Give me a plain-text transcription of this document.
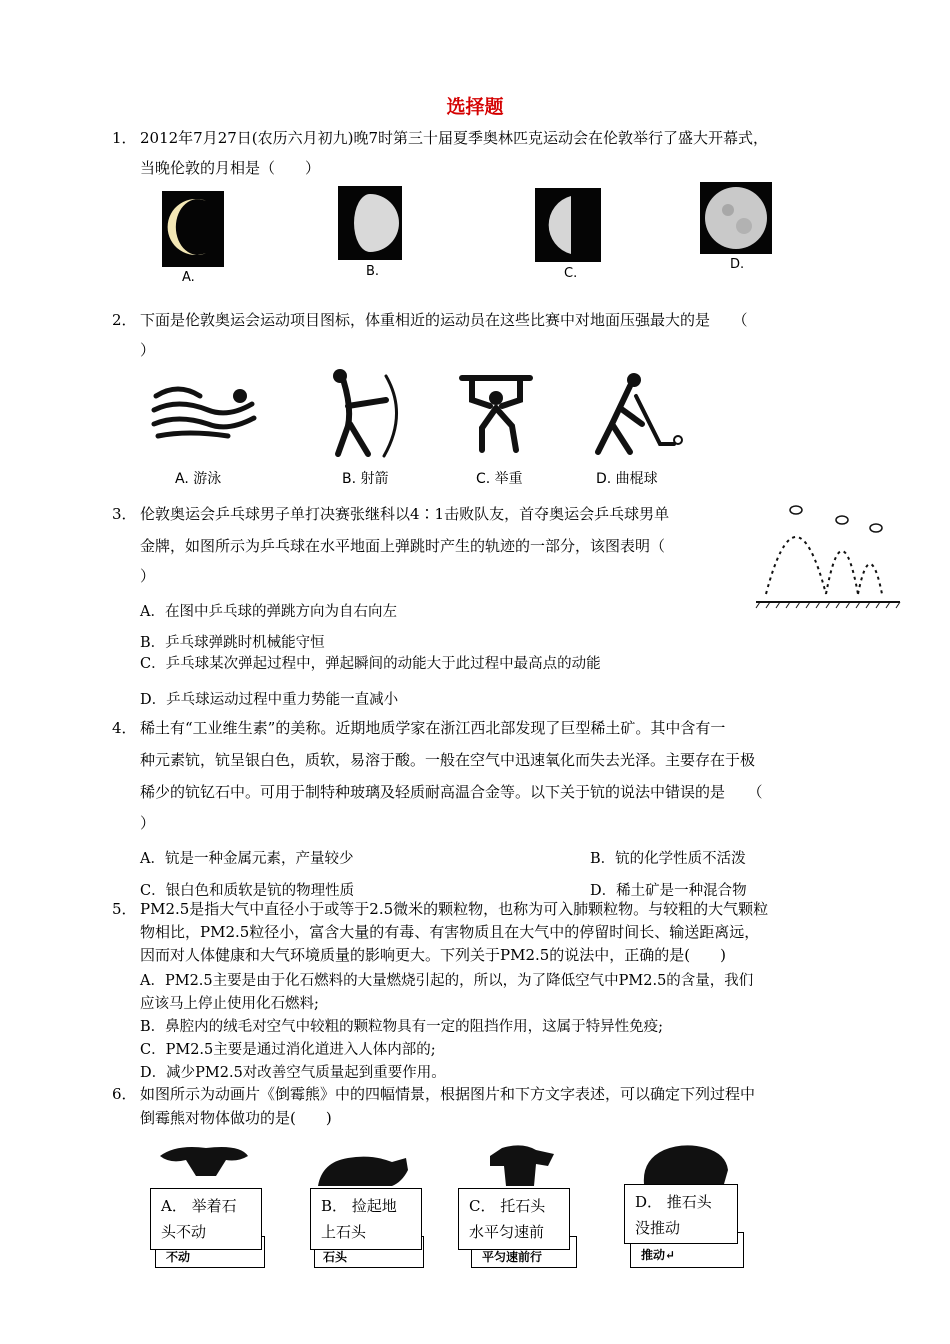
选择题
1． 2012年7月27日(农历六月初九)晚7时第三十届夏季奥林匹克运动会在伦敦举行了盛大开幕式，
当晚伦敦的月相是（　　）
A.	B.	C.
D.
2． 下面是伦敦奥运会运动项目图标，体重相近的运动员在这些比赛中对地面压强最大的是　　（
）
A. 游泳	B. 射箭	C. 举重	D. 曲棍球
3． 伦敦奥运会乒乓球男子单打决赛张继科以4∶1击败队友，首夺奥运会乒乓球男单
金牌，如图所示为乒乓球在水平地面上弹跳时产生的轨迹的一部分，该图表明（
）
A．在图中乒乓球的弹跳方向为自右向左
B．乒乓球弹跳时机械能守恒
C．乒乓球某次弹起过程中，弹起瞬间的动能大于此过程中最高点的动能
D．乒乓球运动过程中重力势能一直减小
4． 稀土有“工业维生素”的美称。近期地质学家在浙江西北部发现了巨型稀土矿。其中含有一
种元素钪，钪呈银白色，质软，易溶于酸。一般在空气中迅速氧化而失去光泽。主要存在于极
稀少的钪钇石中。可用于制特种玻璃及轻质耐高温合金等。以下关于钪的说法中错误的是　　（
）
A．钪是一种金属元素，产量较少	B．钪的化学性质不活泼
C．银白色和质软是钪的物理性质	D．稀土矿是一种混合物
5． PM2.5是指大气中直径小于或等于2.5微米的颗粒物，也称为可入肺颗粒物。与较粗的大气颗粒
物相比，PM2.5粒径小，富含大量的有毒、有害物质且在大气中的停留时间长、输送距离远，
因而对人体健康和大气环境质量的影响更大。下列关于PM2.5的说法中，正确的是(　　)
A．PM2.5主要是由于化石燃料的大量燃烧引起的，所以，为了降低空气中PM2.5的含量，我们
应该马上停止使用化石燃料;
B．鼻腔内的绒毛对空气中较粗的颗粒物具有一定的阻挡作用，这属于特异性免疫;
C．PM2.5主要是通过消化道进入人体内部的;
D．减少PM2.5对改善空气质量起到重要作用。
6． 如图所示为动画片《倒霉熊》中的四幅情景，根据图片和下方文字表述，可以确定下列过程中
倒霉熊对物体做功的是(　　)
不动
A． 举着石
头不动
石头
B． 捡起地
上石头
平匀速前行
C． 托石头
水平匀速前
推动↵
D． 推石头
没推动
